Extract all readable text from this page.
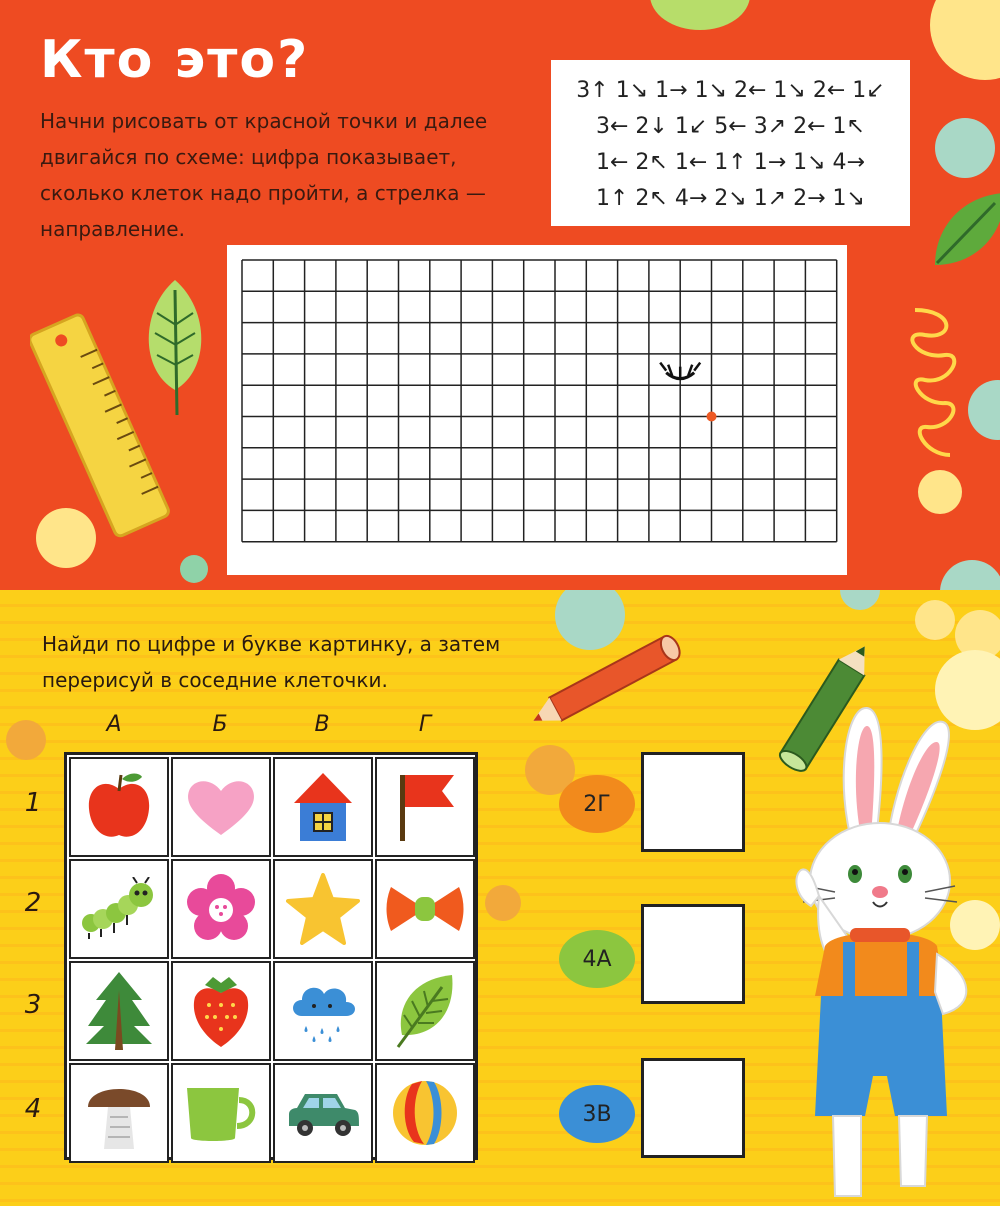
Кто это?

Начни рисовать от красной точки и далее двигайся по схеме: цифра показывает, сколько клеток надо пройти, а стрелка — направление.

3↑ 1↘ 1→ 1↘ 2← 1↘ 2← 1↙
3← 2↓ 1↙ 5← 3↗ 2← 1↖
1← 2↖ 1← 1↑ 1→ 1↘ 4→
1↑ 2↖ 4→ 2↘ 1↗ 2→ 1↘

Найди по цифре и букве картинку, а затем перерисуй в соседние клеточки.

А	Б	В	Г
1
2
3
4
2Г
4А
3В
